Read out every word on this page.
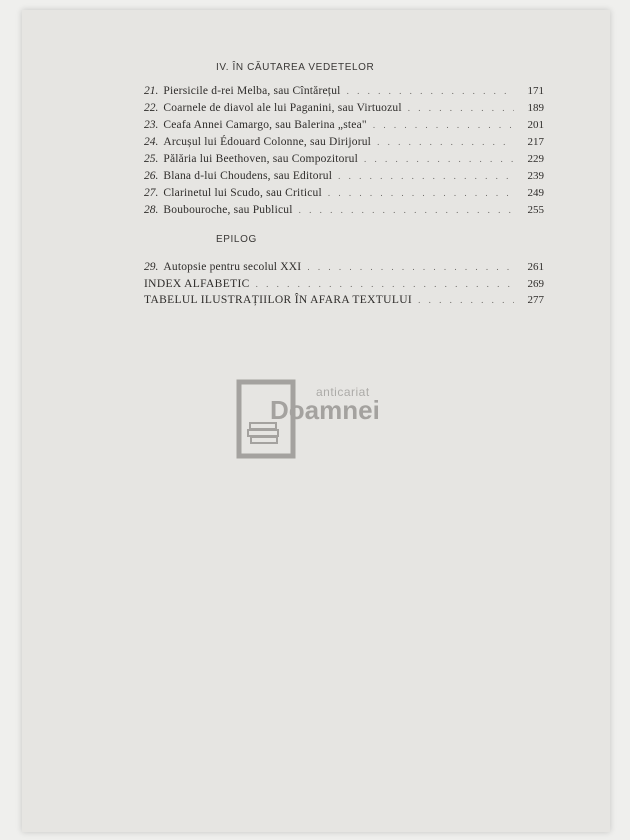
IV. ÎN CĂUTAREA VEDETELOR
21. Piersicile d-rei Melba, sau Cîntărețul . . .	171
22. Coarnele de diavol ale lui Paganini, sau Virtuozul . . .	189
23. Ceafa Annei Camargo, sau Balerina „stea" . . .	201
24. Arcușul lui Édouard Colonne, sau Dirijorul . . .	217
25. Pălăria lui Beethoven, sau Compozitorul . . .	229
26. Blana d-lui Choudens, sau Editorul . . .	239
27. Clarinetul lui Scudo, sau Criticul . . .	249
28. Boubouroche, sau Publicul . . .	255
EPILOG
29. Autopsie pentru secolul XXI . . .	261
INDEX ALFABETIC . . .	269
TABELUL ILUSTRAȚIILOR ÎN AFARA TEXTULUI . . .	277
anticariat
Doamnei
